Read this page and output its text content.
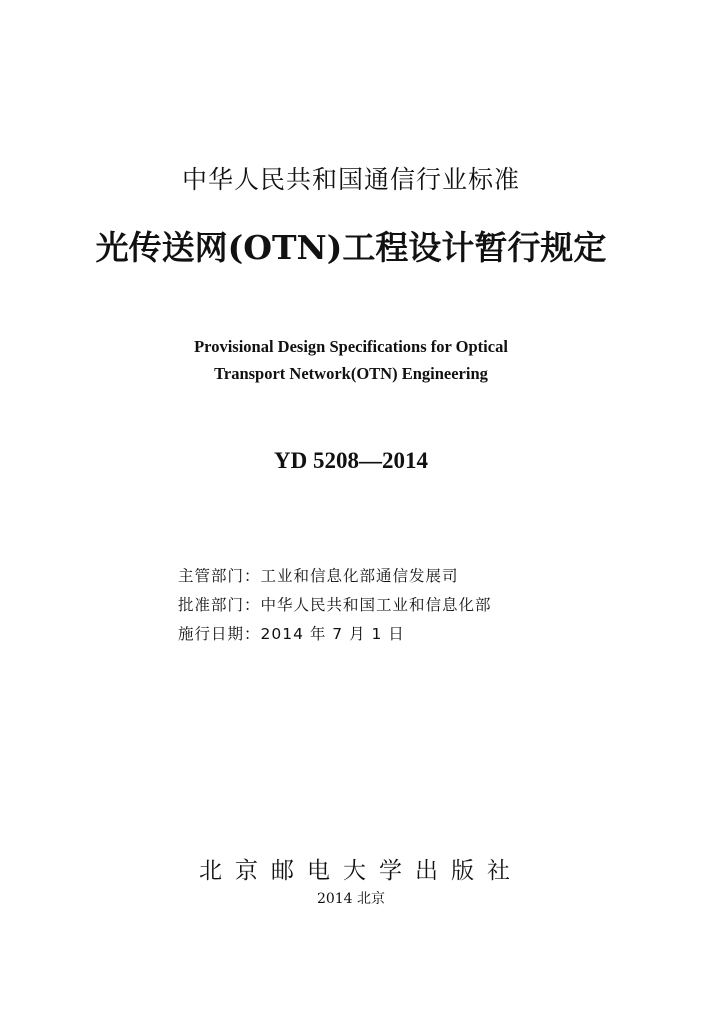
中华人民共和国通信行业标准
光传送网(OTN)工程设计暂行规定
Provisional Design Specifications for Optical
Transport Network(OTN) Engineering
YD 5208—2014
主管部门：工业和信息化部通信发展司
批准部门：中华人民共和国工业和信息化部
施行日期：2014 年 7 月 1 日
北京邮电大学出版社
2014 北京
